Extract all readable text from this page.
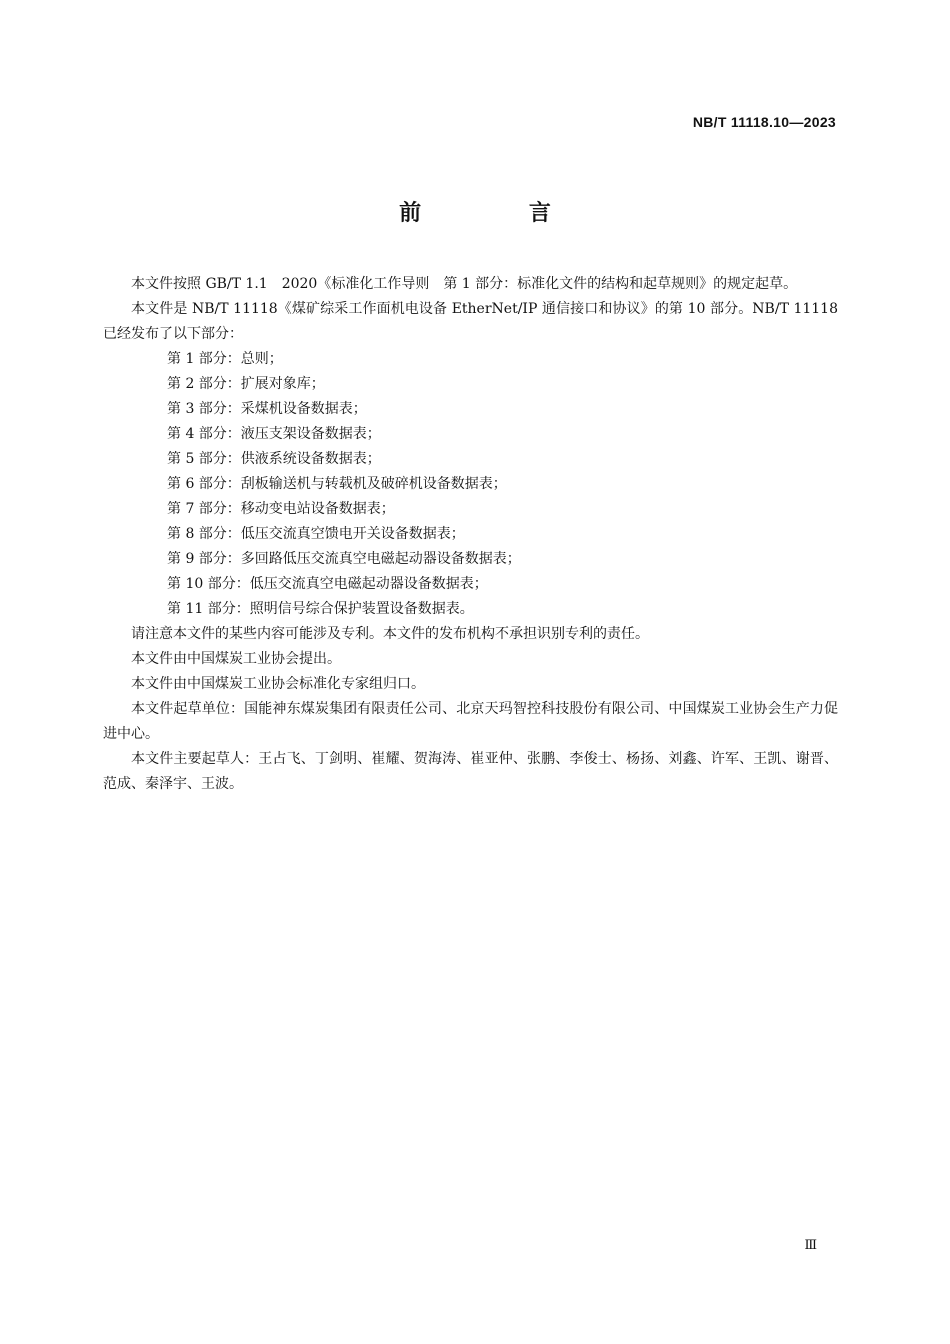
NB/T 11118.10—2023
前 言

本文件按照 GB/T 1.1　2020《标准化工作导则　第 1 部分：标准化文件的结构和起草规则》的规定起草。

本文件是 NB/T 11118《煤矿综采工作面机电设备 EtherNet/IP 通信接口和协议》的第 10 部分。NB/T 11118 已经发布了以下部分：

第 1 部分：总则；
第 2 部分：扩展对象库；
第 3 部分：采煤机设备数据表；
第 4 部分：液压支架设备数据表；
第 5 部分：供液系统设备数据表；
第 6 部分：刮板输送机与转载机及破碎机设备数据表；
第 7 部分：移动变电站设备数据表；
第 8 部分：低压交流真空馈电开关设备数据表；
第 9 部分：多回路低压交流真空电磁起动器设备数据表；
第 10 部分：低压交流真空电磁起动器设备数据表；
第 11 部分：照明信号综合保护装置设备数据表。

请注意本文件的某些内容可能涉及专利。本文件的发布机构不承担识别专利的责任。

本文件由中国煤炭工业协会提出。

本文件由中国煤炭工业协会标准化专家组归口。

本文件起草单位：国能神东煤炭集团有限责任公司、北京天玛智控科技股份有限公司、中国煤炭工业协会生产力促进中心。

本文件主要起草人：王占飞、丁剑明、崔耀、贺海涛、崔亚仲、张鹏、李俊士、杨扬、刘鑫、许军、王凯、谢晋、范成、秦泽宇、王波。

Ⅲ
